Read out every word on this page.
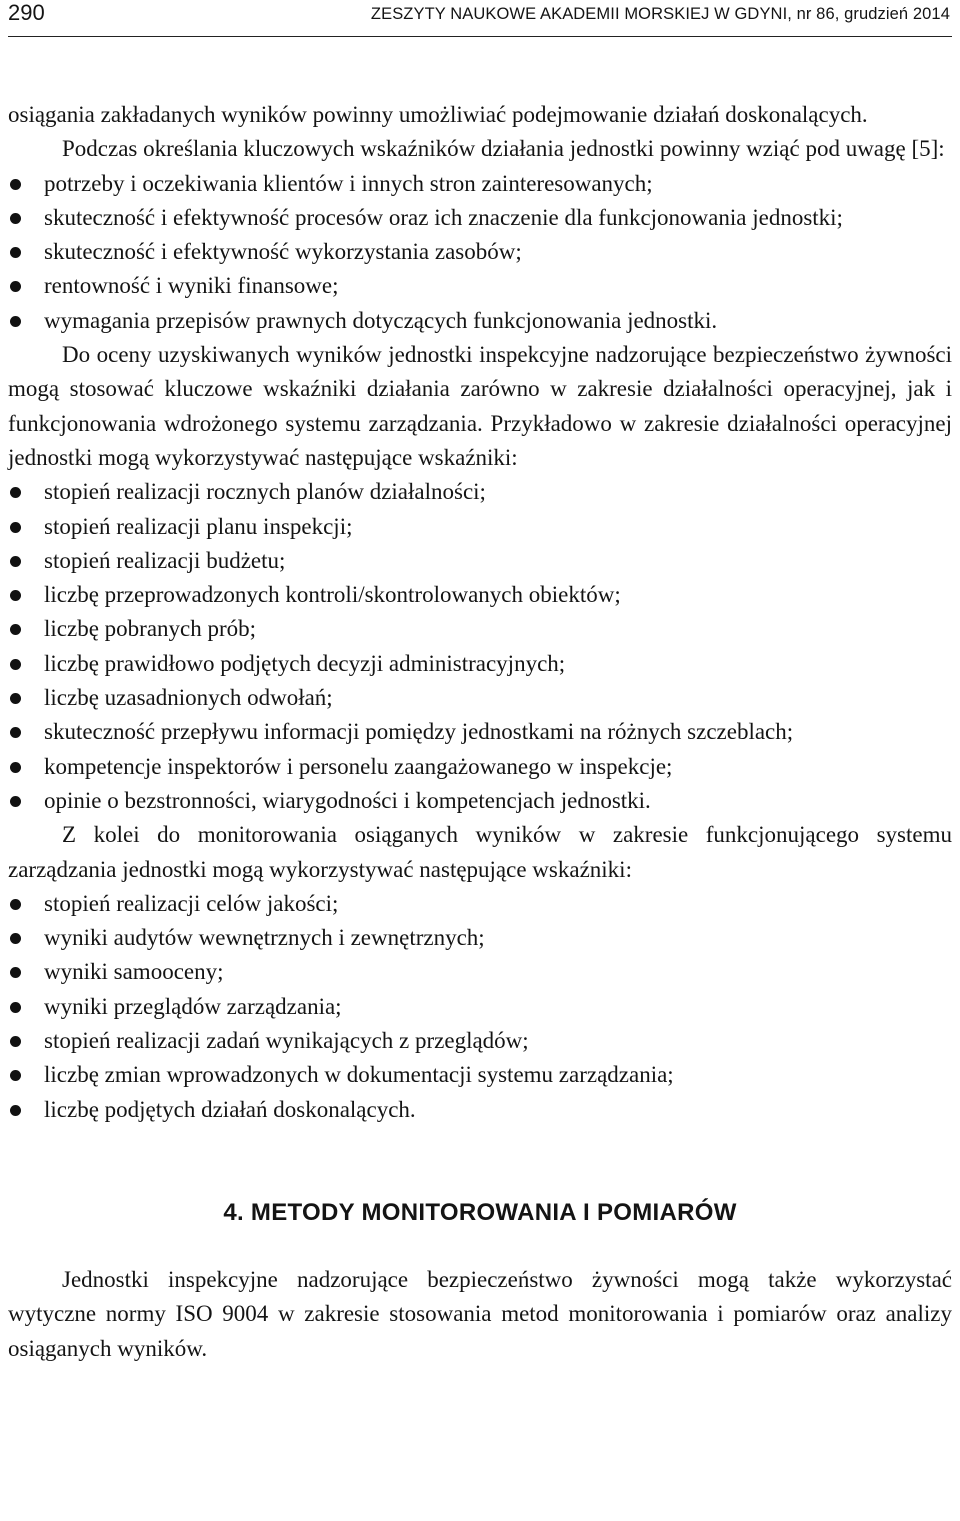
290	ZESZYTY NAUKOWE AKADEMII MORSKIEJ W GDYNI, nr 86, grudzień 2014

osiągania zakładanych wyników powinny umożliwiać podejmowanie działań doskonalących.

Podczas określania kluczowych wskaźników działania jednostki powinny wziąć pod uwagę [5]:

potrzeby i oczekiwania klientów i innych stron zainteresowanych;
skuteczność i efektywność procesów oraz ich znaczenie dla funkcjonowania jednostki;
skuteczność i efektywność wykorzystania zasobów;
rentowność i wyniki finansowe;
wymagania przepisów prawnych dotyczących funkcjonowania jednostki.

Do oceny uzyskiwanych wyników jednostki inspekcyjne nadzorujące bezpieczeństwo żywności mogą stosować kluczowe wskaźniki działania zarówno w zakresie działalności operacyjnej, jak i funkcjonowania wdrożonego systemu zarządzania. Przykładowo w zakresie działalności operacyjnej jednostki mogą wykorzystywać następujące wskaźniki:

stopień realizacji rocznych planów działalności;
stopień realizacji planu inspekcji;
stopień realizacji budżetu;
liczbę przeprowadzonych kontroli/skontrolowanych obiektów;
liczbę pobranych prób;
liczbę prawidłowo podjętych decyzji administracyjnych;
liczbę uzasadnionych odwołań;
skuteczność przepływu informacji pomiędzy jednostkami na różnych szczeblach;
kompetencje inspektorów i personelu zaangażowanego w inspekcje;
opinie o bezstronności, wiarygodności i kompetencjach jednostki.

Z kolei do monitorowania osiąganych wyników w zakresie funkcjonującego systemu zarządzania jednostki mogą wykorzystywać następujące wskaźniki:

stopień realizacji celów jakości;
wyniki audytów wewnętrznych i zewnętrznych;
wyniki samooceny;
wyniki przeglądów zarządzania;
stopień realizacji zadań wynikających z przeglądów;
liczbę zmian wprowadzonych w dokumentacji systemu zarządzania;
liczbę podjętych działań doskonalących.
4. METODY MONITOROWANIA I POMIARÓW

Jednostki inspekcyjne nadzorujące bezpieczeństwo żywności mogą także wykorzystać wytyczne normy ISO 9004 w zakresie stosowania metod monitorowania i pomiarów oraz analizy osiąganych wyników.
